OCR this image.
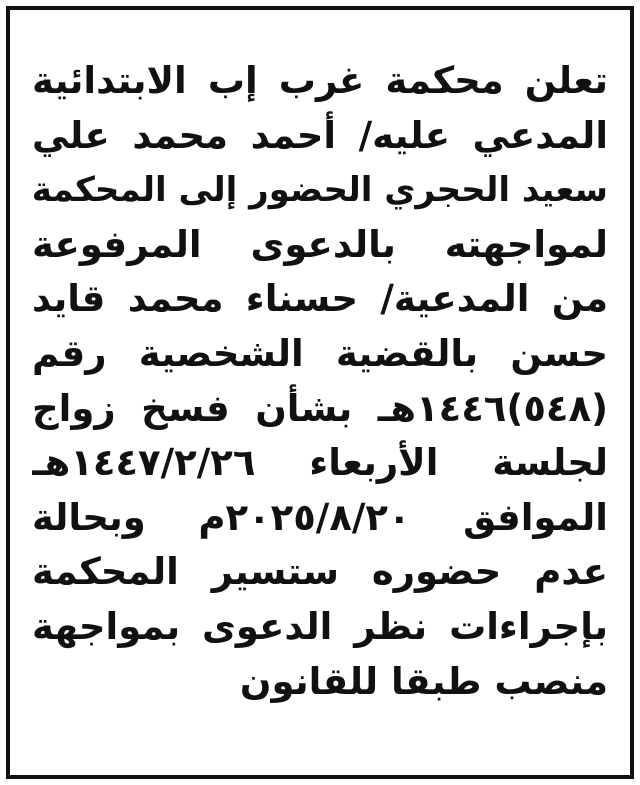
تعلن محكمة غرب إب الابتدائية
المدعي عليه/ أحمد محمد علي
سعيد الحجري الحضور إلى المحكمة
لمواجهته بالدعوى المرفوعة
من المدعية/ حسناء محمد قايد
حسن بالقضية الشخصية رقم
(٥٤٨)١٤٤٦هـ بشأن فسخ زواج
لجلسة الأربعاء ١٤٤٧/٢/٢٦هـ
الموافق ٢٠٢٥/٨/٢٠م وبحالة
عدم حضوره ستسير المحكمة
بإجراءات نظر الدعوى بمواجهة
منصب طبقا للقانون
